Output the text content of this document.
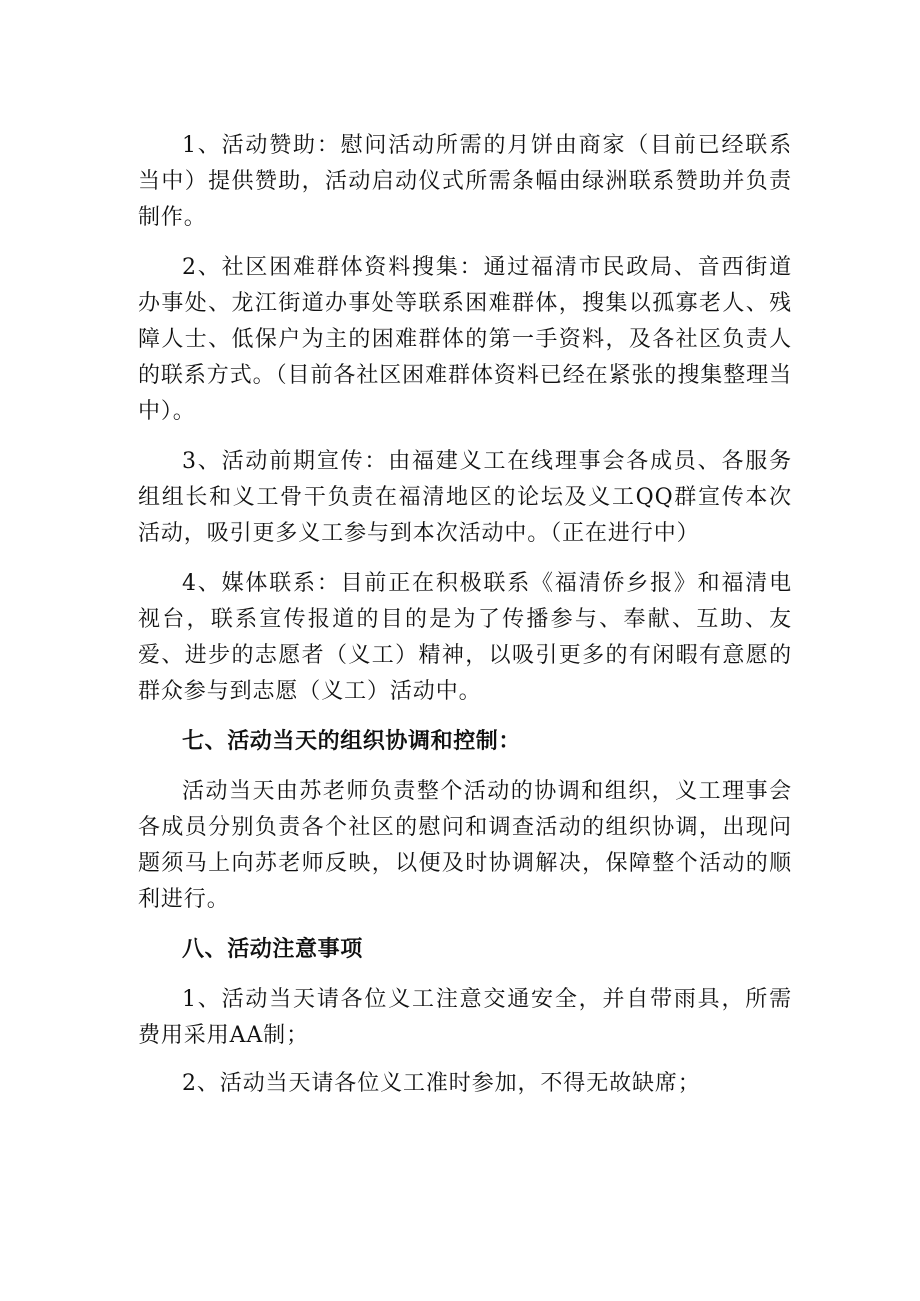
1、活动赞助：慰问活动所需的月饼由商家（目前已经联系当中）提供赞助，活动启动仪式所需条幅由绿洲联系赞助并负责制作。

2、社区困难群体资料搜集：通过福清市民政局、音西街道办事处、龙江街道办事处等联系困难群体，搜集以孤寡老人、残障人士、低保户为主的困难群体的第一手资料，及各社区负责人的联系方式。（目前各社区困难群体资料已经在紧张的搜集整理当中）。

3、活动前期宣传：由福建义工在线理事会各成员、各服务组组长和义工骨干负责在福清地区的论坛及义工QQ群宣传本次活动，吸引更多义工参与到本次活动中。（正在进行中）

4、媒体联系：目前正在积极联系《福清侨乡报》和福清电视台，联系宣传报道的目的是为了传播参与、奉献、互助、友爱、进步的志愿者（义工）精神，以吸引更多的有闲暇有意愿的群众参与到志愿（义工）活动中。

七、活动当天的组织协调和控制：

活动当天由苏老师负责整个活动的协调和组织，义工理事会各成员分别负责各个社区的慰问和调查活动的组织协调，出现问题须马上向苏老师反映，以便及时协调解决，保障整个活动的顺利进行。

八、活动注意事项

1、活动当天请各位义工注意交通安全，并自带雨具，所需费用采用AA制；

2、活动当天请各位义工准时参加，不得无故缺席；
